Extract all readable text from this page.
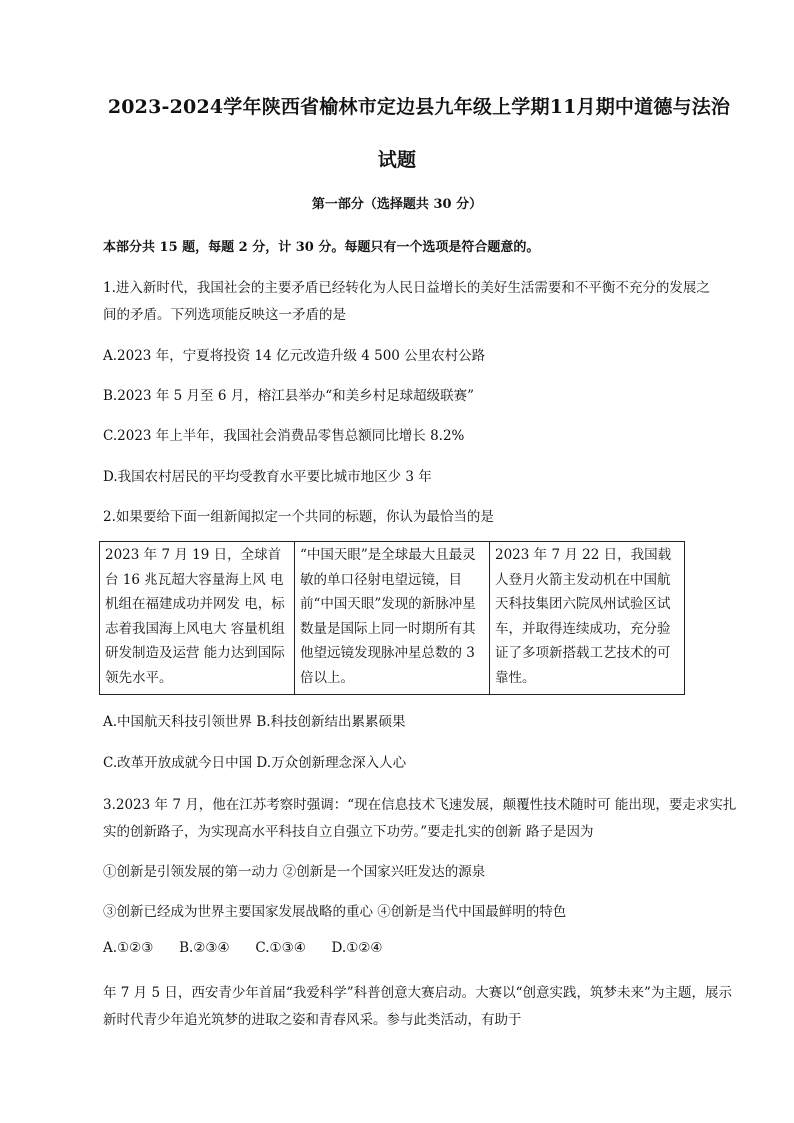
2023-2024学年陕西省榆林市定边县九年级上学期11月期中道德与法治
试题
第一部分（选择题共 30 分）
本部分共 15 题，每题 2 分，计 30 分。每题只有一个选项是符合题意的。
1.进入新时代，我国社会的主要矛盾已经转化为人民日益增长的美好生活需要和不平衡不充分的发展之
间的矛盾。下列选项能反映这一矛盾的是
A.2023 年，宁夏将投资 14 亿元改造升级 4 500 公里农村公路
B.2023 年 5 月至 6 月，榕江县举办“和美乡村足球超级联赛”
C.2023 年上半年，我国社会消费品零售总额同比增长 8.2%
D.我国农村居民的平均受教育水平要比城市地区少 3 年
2.如果要给下面一组新闻拟定一个共同的标题，你认为最恰当的是
2023 年 7 月 19 日，全球首台 16 兆瓦超大容量海上风 电机组在福建成功并网发 电，标志着我国海上风电大 容量机组研发制造及运营 能力达到国际领先水平。	“中国天眼”是全球最大且最灵敏的单口径射电望远镜，目前“中国天眼”发现的新脉冲星数量是国际上同一时期所有其他望远镜发现脉冲星总数的 3 倍以上。	2023 年 7 月 22 日，我国载人登月火箭主发动机在中国航天科技集团六院凤州试验区试车，并取得连续成功，充分验证了多项新搭载工艺技术的可靠性。
A.中国航天科技引领世界 B.科技创新结出累累硕果
C.改革开放成就今日中国 D.万众创新理念深入人心
3.2023 年 7 月，他在江苏考察时强调：“现在信息技术飞速发展，颠覆性技术随时可 能出现，要走求实扎
实的创新路子，为实现高水平科技自立自强立下功劳。”要走扎实的创新 路子是因为
①创新是引领发展的第一动力 ②创新是一个国家兴旺发达的源泉
③创新已经成为世界主要国家发展战略的重心 ④创新是当代中国最鲜明的特色
A.①②③      B.②③④      C.①③④      D.①②④
年 7 月 5 日，西安青少年首届“我爱科学”科普创意大赛启动。大赛以“创意实践，筑梦未来”为主题，展示
新时代青少年追光筑梦的进取之姿和青春风采。参与此类活动，有助于
